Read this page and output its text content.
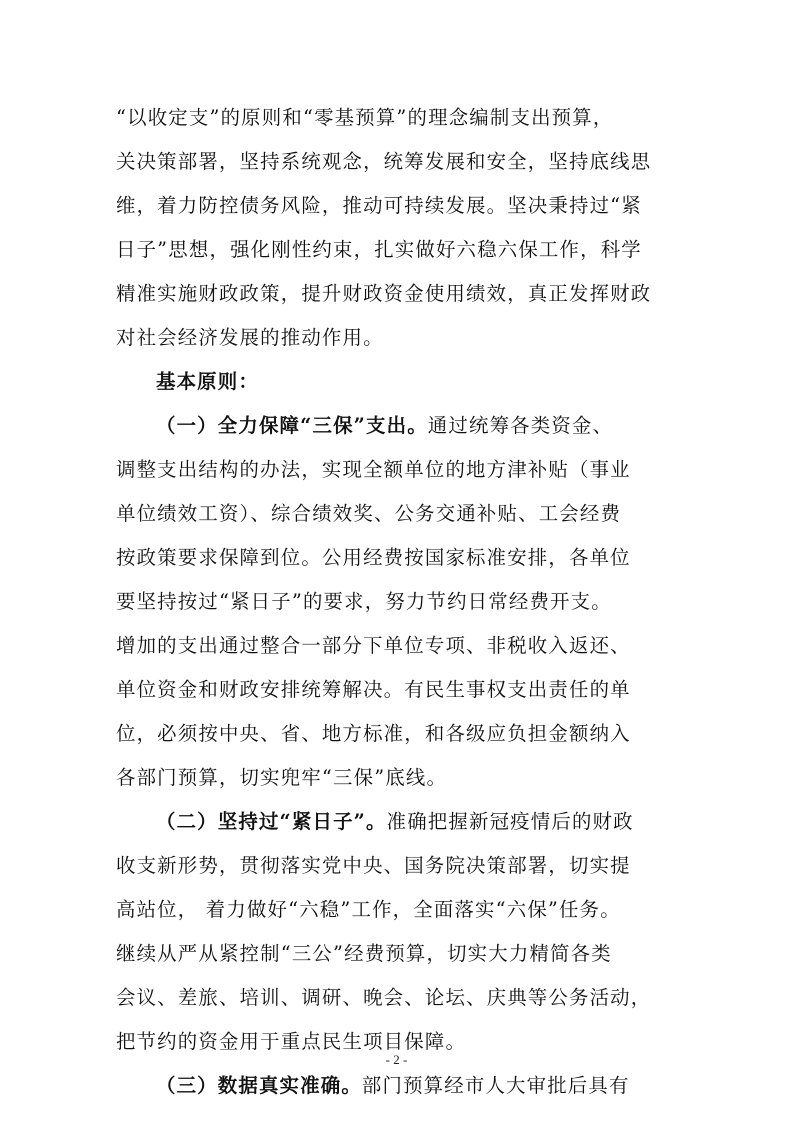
“以收定支”的原则和“零基预算”的理念编制支出预算，
关决策部署，坚持系统观念，统筹发展和安全，坚持底线思
维，着力防控债务风险，推动可持续发展。坚决秉持过“紧
日子”思想，强化刚性约束，扎实做好六稳六保工作，科学
精准实施财政政策，提升财政资金使用绩效，真正发挥财政
对社会经济发展的推动作用。
基本原则：
（一）全力保障“三保”支出。通过统筹各类资金、
调整支出结构的办法，实现全额单位的地方津补贴（事业
单位绩效工资）、综合绩效奖、公务交通补贴、工会经费
按政策要求保障到位。公用经费按国家标准安排，各单位
要坚持按过“紧日子”的要求，努力节约日常经费开支。
增加的支出通过整合一部分下单位专项、非税收入返还、
单位资金和财政安排统筹解决。有民生事权支出责任的单
位，必须按中央、省、地方标准，和各级应负担金额纳入
各部门预算，切实兜牢“三保”底线。
（二）坚持过“紧日子”。准确把握新冠疫情后的财政
收支新形势，贯彻落实党中央、国务院决策部署，切实提
高站位， 着力做好“六稳”工作，全面落实“六保”任务。
继续从严从紧控制“三公”经费预算，切实大力精简各类
会议、差旅、培训、调研、晚会、论坛、庆典等公务活动，
把节约的资金用于重点民生项目保障。
（三）数据真实准确。部门预算经市人大审批后具有
- 2 -
